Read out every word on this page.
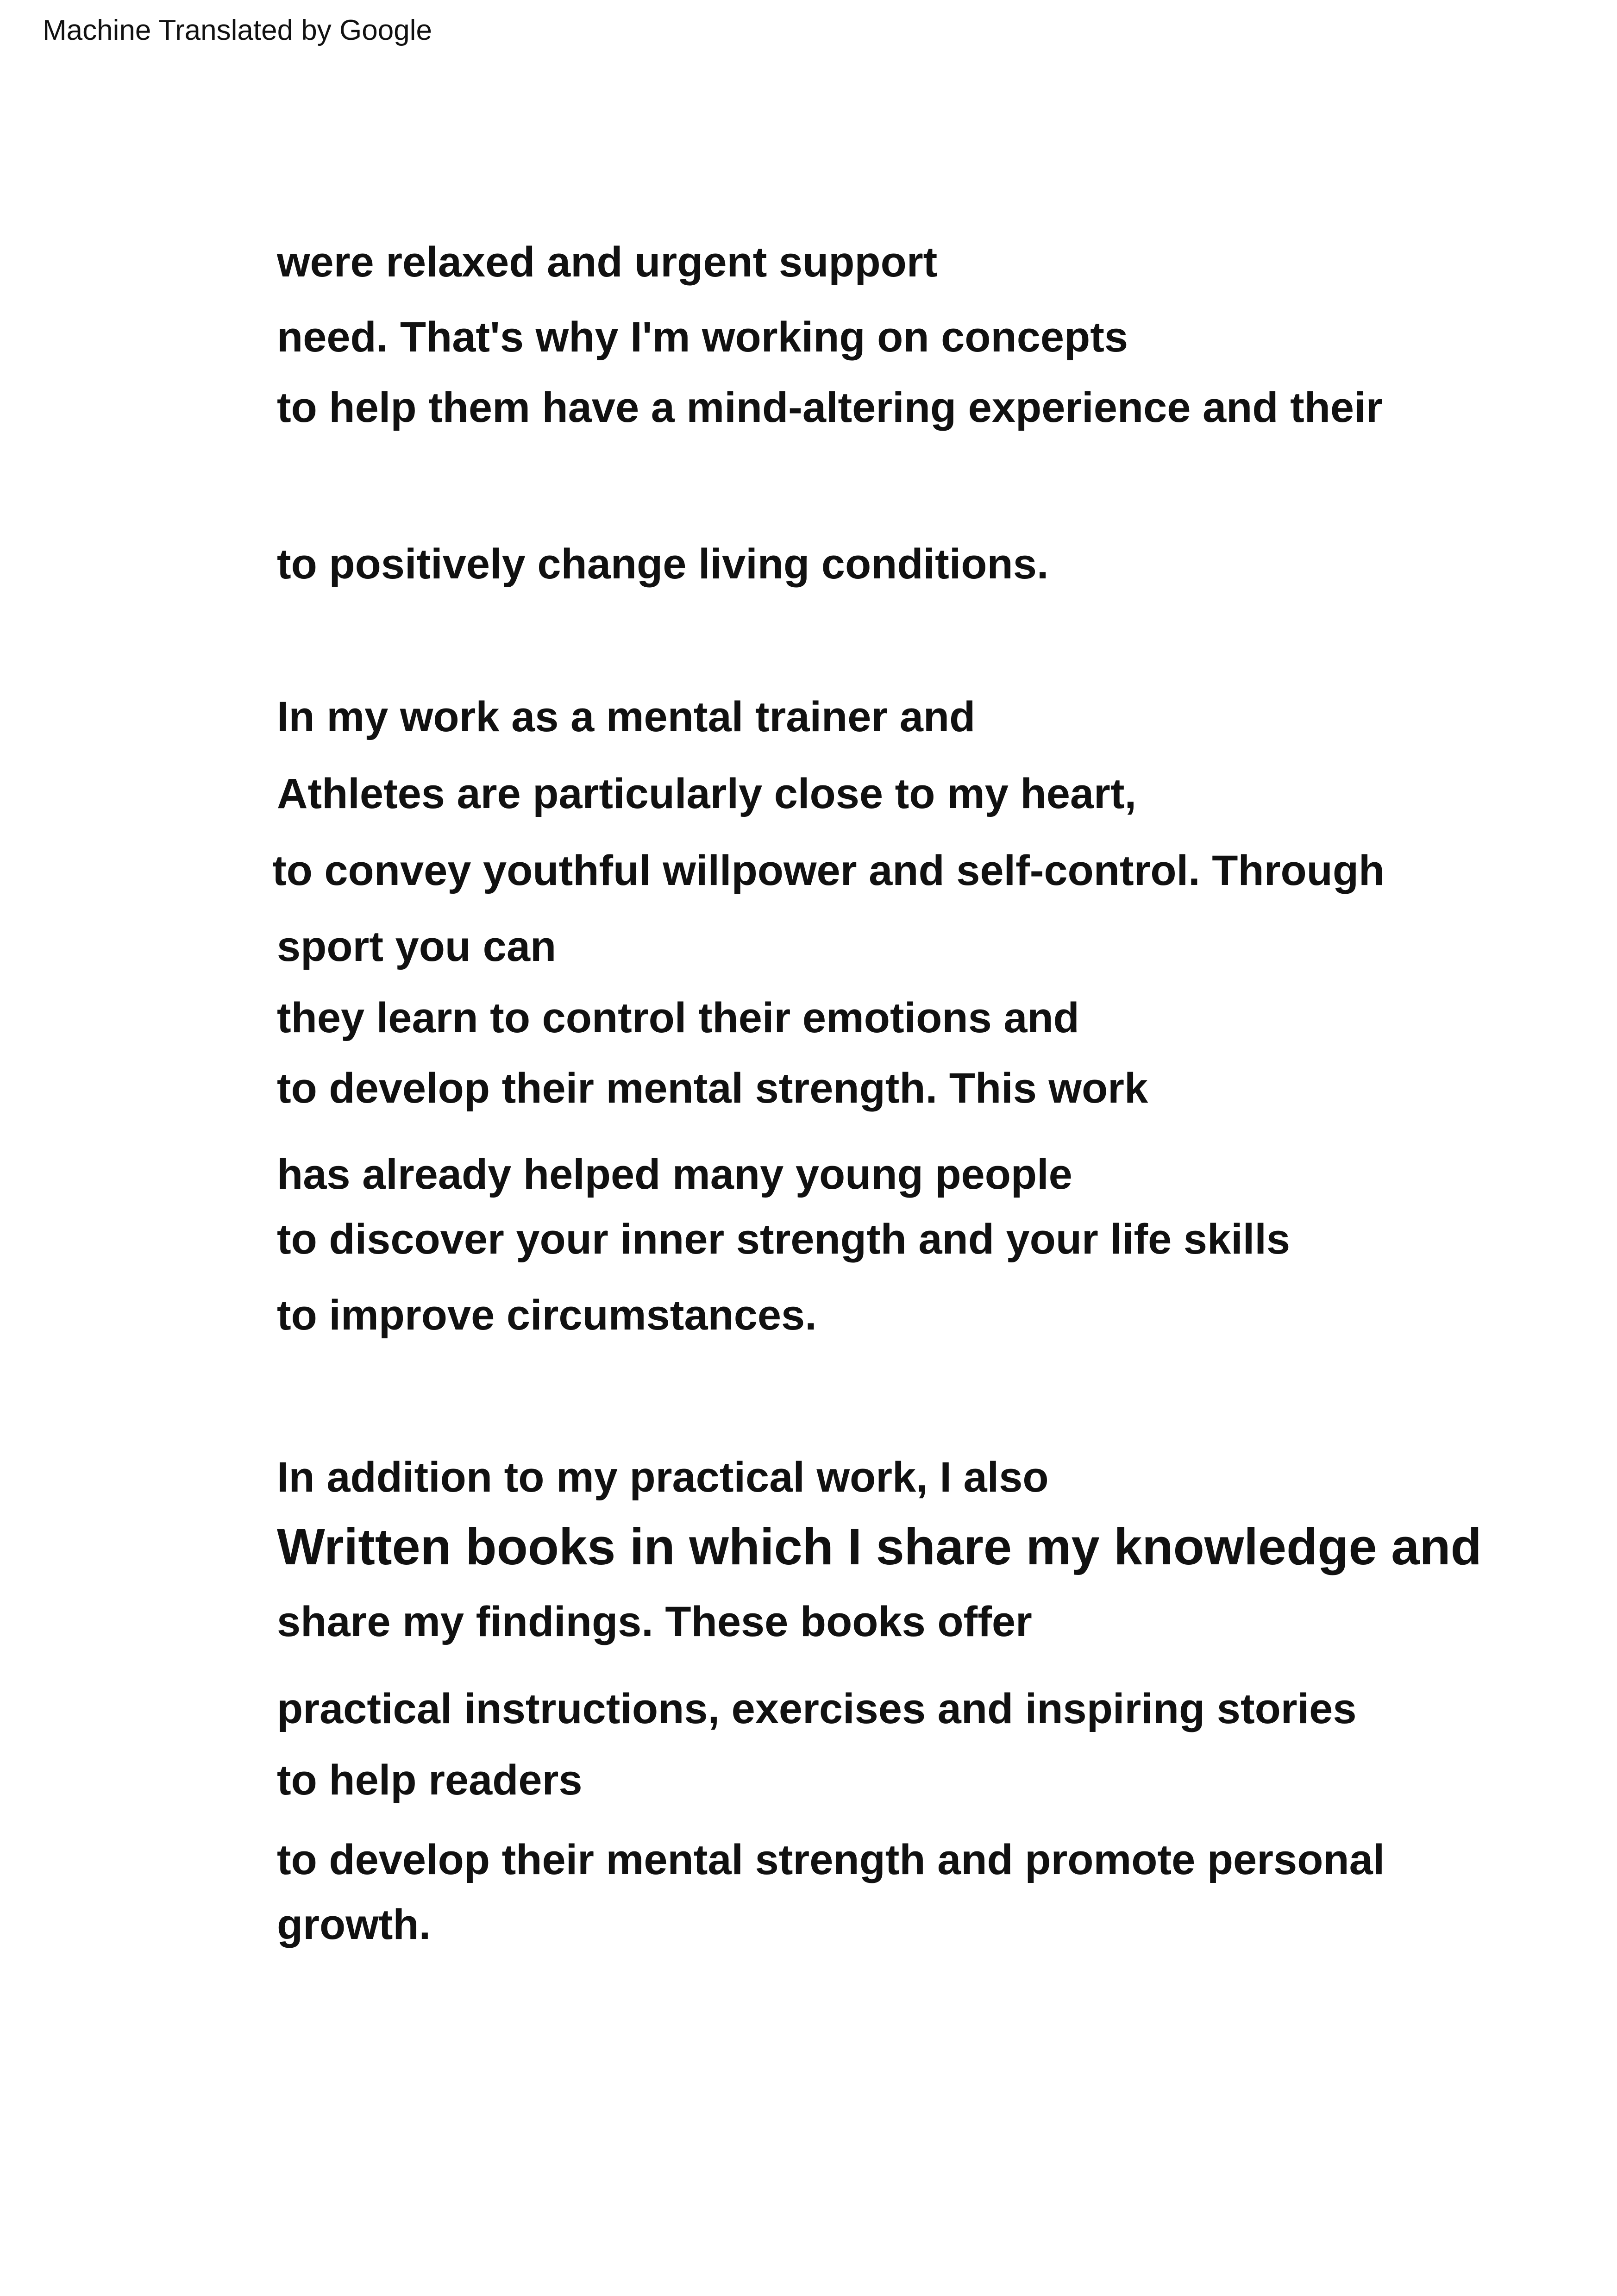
Machine Translated by Google
were relaxed and urgent support
need. That's why I'm working on concepts
to help them have a mind-altering experience and their
to positively change living conditions.
In my work as a mental trainer and
Athletes are particularly close to my heart,
to convey youthful willpower and self-control. Through
sport you can
they learn to control their emotions and
to develop their mental strength. This work
has already helped many young people
to discover your inner strength and your life skills
to improve circumstances.
In addition to my practical work, I also
Written books in which I share my knowledge and
share my findings. These books offer
practical instructions, exercises and inspiring stories
to help readers
to develop their mental strength and promote personal
growth.
